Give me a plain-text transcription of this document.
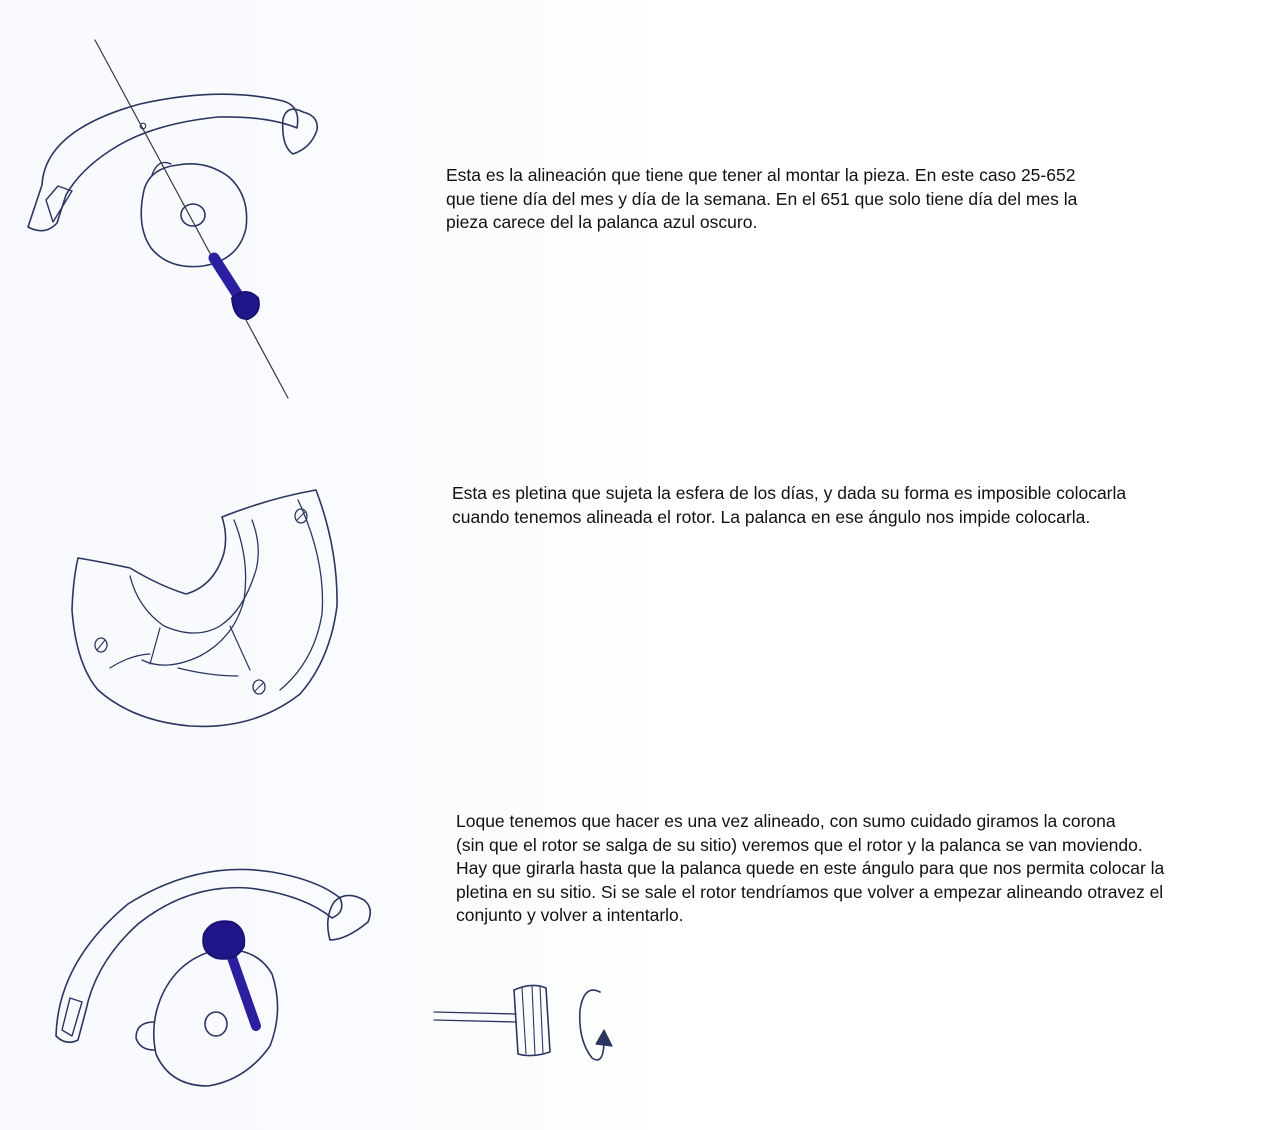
Esta es la alineación que tiene que tener al montar la pieza. En este caso 25-652
que tiene día del mes y día de la semana. En el 651 que solo tiene día del mes la
pieza carece del la palanca azul oscuro.

Esta es pletina que sujeta la esfera de los días, y dada su forma es imposible colocarla
cuando tenemos alineada el rotor. La palanca en ese ángulo nos impide colocarla.

Loque tenemos que hacer es una vez alineado, con sumo cuidado giramos la corona
(sin que el rotor se salga de su sitio) veremos que el rotor y la palanca se van moviendo.
Hay que girarla hasta que la palanca quede en este ángulo para que nos permita colocar la
pletina en su sitio. Si se sale el rotor tendríamos que volver a empezar alineando otravez el
conjunto y volver a intentarlo.
